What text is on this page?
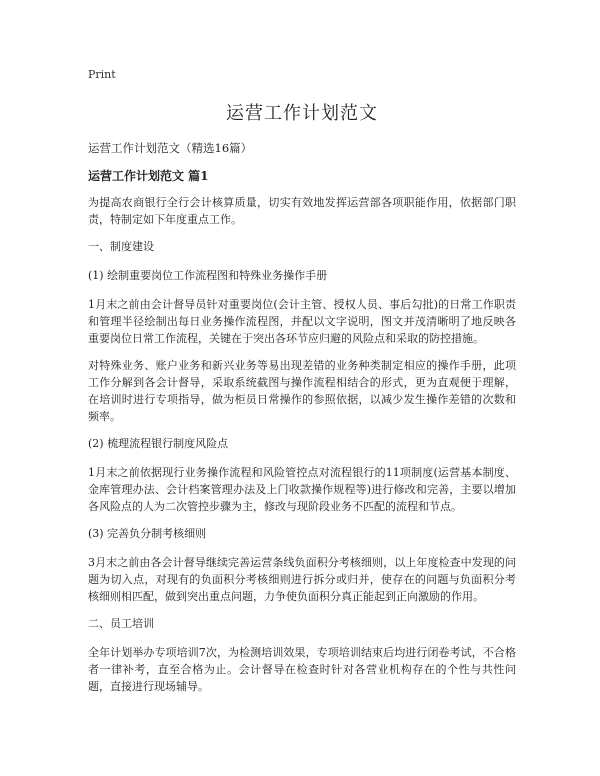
Print
运营工作计划范文
运营工作计划范文（精选16篇）
运营工作计划范文 篇1

为提高农商银行全行会计核算质量，切实有效地发挥运营部各项职能作用，依据部门职责，特制定如下年度重点工作。

一、制度建设
(1) 绘制重要岗位工作流程图和特殊业务操作手册

1月末之前由会计督导员针对重要岗位(会计主管、授权人员、事后勾批)的日常工作职责和管理半径绘制出每日业务操作流程图，并配以文字说明，图文并茂清晰明了地反映各重要岗位日常工作流程，关键在于突出各环节应归避的风险点和采取的防控措施。

对特殊业务、账户业务和新兴业务等易出现差错的业务种类制定相应的操作手册，此项工作分解到各会计督导，采取系统截图与操作流程相结合的形式，更为直观便于理解，在培训时进行专项指导，做为柜员日常操作的参照依据，以减少发生操作差错的次数和频率。

(2) 梳理流程银行制度风险点

1月末之前依据现行业务操作流程和风险管控点对流程银行的11项制度(运营基本制度、金库管理办法、会计档案管理办法及上门收款操作规程等)进行修改和完善，主要以增加各风险点的人为二次管控步骤为主，修改与现阶段业务不匹配的流程和节点。

(3) 完善负分制考核细则

3月末之前由各会计督导继续完善运营条线负面积分考核细则，以上年度检查中发现的问题为切入点，对现有的负面积分考核细则进行拆分或归并，使存在的问题与负面积分考核细则相匹配，做到突出重点问题，力争使负面积分真正能起到正向激励的作用。

二、员工培训

全年计划举办专项培训7次，为检测培训效果，专项培训结束后均进行闭卷考试，不合格者一律补考，直至合格为止。会计督导在检查时针对各营业机构存在的个性与共性问题，直接进行现场辅导。
